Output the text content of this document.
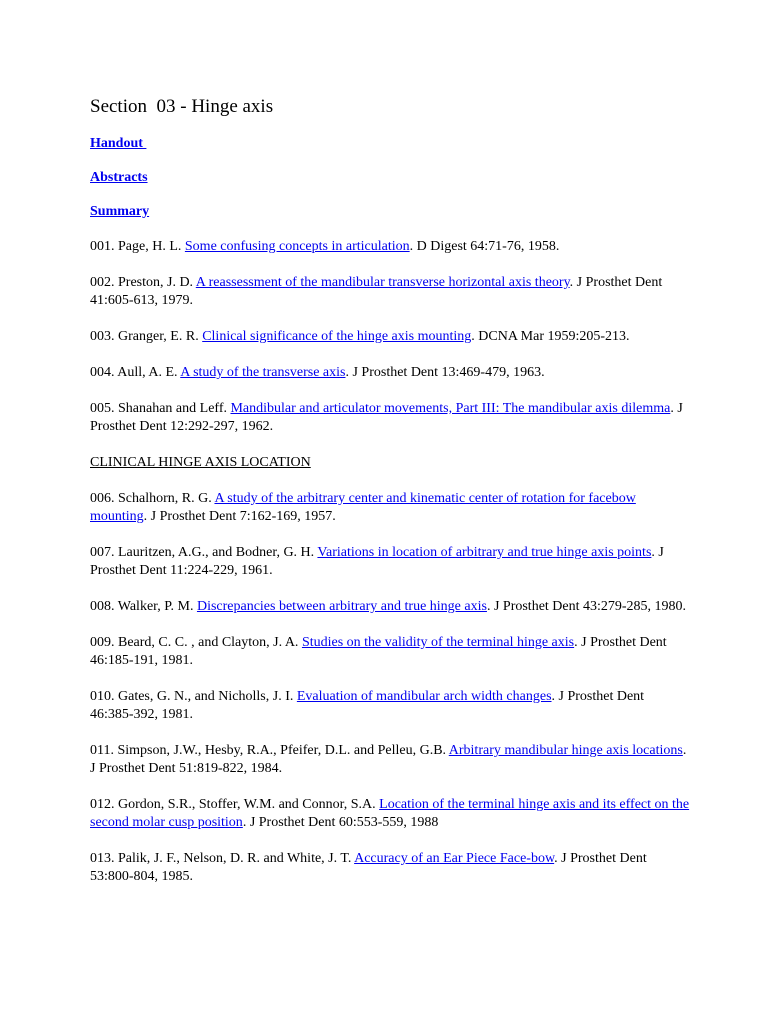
Section  03 - Hinge axis
Handout
Abstracts
Summary

001. Page, H. L. Some confusing concepts in articulation. D Digest 64:71-76, 1958.

002. Preston, J. D. A reassessment of the mandibular transverse horizontal axis theory. J Prosthet Dent 41:605-613, 1979.

003. Granger, E. R. Clinical significance of the hinge axis mounting. DCNA Mar 1959:205-213.

004. Aull, A. E. A study of the transverse axis. J Prosthet Dent 13:469-479, 1963.

005. Shanahan and Leff. Mandibular and articulator movements, Part III: The mandibular axis dilemma. J Prosthet Dent 12:292-297, 1962.

CLINICAL HINGE AXIS LOCATION

006. Schalhorn, R. G. A study of the arbitrary center and kinematic center of rotation for facebow mounting. J Prosthet Dent 7:162-169, 1957.

007. Lauritzen, A.G., and Bodner, G. H. Variations in location of arbitrary and true hinge axis points. J Prosthet Dent 11:224-229, 1961.

008. Walker, P. M. Discrepancies between arbitrary and true hinge axis. J Prosthet Dent 43:279-285, 1980.

009. Beard, C. C. , and Clayton, J. A. Studies on the validity of the terminal hinge axis. J Prosthet Dent 46:185-191, 1981.

010. Gates, G. N., and Nicholls, J. I. Evaluation of mandibular arch width changes. J Prosthet Dent 46:385-392, 1981.

011. Simpson, J.W., Hesby, R.A., Pfeifer, D.L. and Pelleu, G.B. Arbitrary mandibular hinge axis locations. J Prosthet Dent 51:819-822, 1984.

012. Gordon, S.R., Stoffer, W.M. and Connor, S.A. Location of the terminal hinge axis and its effect on the second molar cusp position. J Prosthet Dent 60:553-559, 1988

013. Palik, J. F., Nelson, D. R. and White, J. T. Accuracy of an Ear Piece Face-bow. J Prosthet Dent 53:800-804, 1985.
